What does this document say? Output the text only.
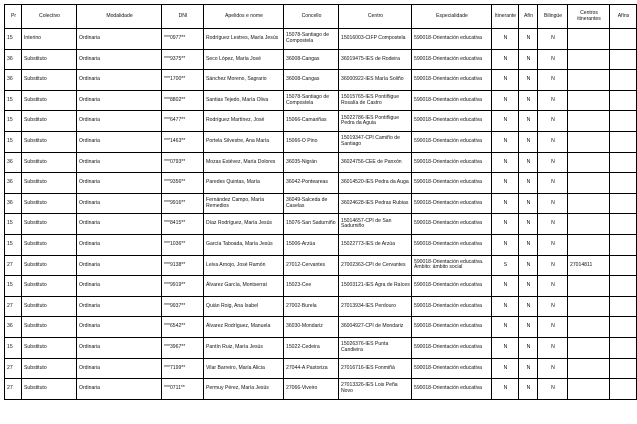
Pr	Colectivo	Modalidade	DNI	Apelidos e nome	Concello	Centro	Especialidade	Itinerante	Afín	Bilingüe	Centros itinerantes	Afíns
15	Interino	Ordinaria	***0977**	Rodríguez Lestres, María Jesús	15078-Santiago de Compostela	15016003-CIFP Compostela	590018-Orientación educativa	N	N	N		
36	Substituto	Ordinaria	***9375**	Seco López, María José	36008-Cangas	36019475-IES de Rodeira	590018-Orientación educativa	N	N	N		
36	Substituto	Ordinaria	***1700**	Sánchez Moreno, Sagrario	36008-Cangas	36000922-IES María Soliño	590018-Orientación educativa	N	N	N		
15	Substituto	Ordinaria	***8802**	Santias Tejedo, María Oliva	15078-Santiago de Compostela	15015765-IES Pontiñigue Rosalía de Castro	590018-Orientación educativa	N	N	N		
15	Substituto	Ordinaria	***6477**	Rodríguez Martínez, José	15066-Camariñas	15022786-IES Pontiñigue Pedra da Aguia	590018-Orientación educativa	N	N	N		
15	Substituto	Ordinaria	***1463**	Portela Silvestre, Ana María	15066-O Pino	15019347-CPI Camiño de Santiago	590018-Orientación educativa	N	N	N		
36	Substituto	Ordinaria	***0793**	Mozas Estévez, María Dolores	36035-Nigrán	36024756-CEE de Panxón	590018-Orientación educativa	N	N	N		
36	Substituto	Ordinaria	***9356**	Paredes Quintas, María	36042-Ponteareas	36014520-IES Pedra da Auga	590018-Orientación educativa	N	N	N		
36	Substituto	Ordinaria	***9916**	Fernández Campo, María Remedios	36049-Salceda de Caselas	36024628-IES Pedras Rubias	590018-Orientación educativa	N	N	N		
15	Substituto	Ordinaria	***8415**	Díaz Rodríguez, María Jesús	15076-San Sadurniño	15014657-CPI de San Sadurniño	590018-Orientación educativa	N	N	N		
15	Substituto	Ordinaria	***1036**	García Taboada, María Jesús	15006-Arzúa	15022773-IES de Arzúa	590018-Orientación educativa	N	N	N		
27	Substituto	Ordinaria	***9138**	Leiva Arnojo, José Ramón	27012-Cervantes	27002363-CPI de Cervantes	590018-Orientación educativa. Ámbito: ámbito social	S	N	N	27014811	
15	Substituto	Ordinaria	***9919**	Álvarez García, Montserrat	15023-Cee	15003121-IES Agra de Raíces	590018-Orientación educativa	N	N	N		
27	Substituto	Ordinaria	***9937**	Quián Roig, Ana Isabel	27002-Burela	27013934-IES Perdouro	590018-Orientación educativa	N	N	N		
36	Substituto	Ordinaria	***6542**	Álvarez Rodríguez, Manuela	36030-Mondariz	36004927-CPI de Mondariz	590018-Orientación educativa	N	N	N		
15	Substituto	Ordinaria	***3967**	Pantín Ruiz, María Jesús	15022-Cedeira	15026376-IES Punta Candieira	590018-Orientación educativa	N	N	N		
27	Substituto	Ordinaria	***7199**	Vilar Barreiro, María Alicia	27044-A Pastoriza	27016716-IES Fonmiñá	590018-Orientación educativa	N	N	N		
27	Substituto	Ordinaria	***0711**	Permuy Pérez, María Jesús	27066-Viveiro	27013326-IES Lois Peña Novo	590018-Orientación educativa	N	N	N		
